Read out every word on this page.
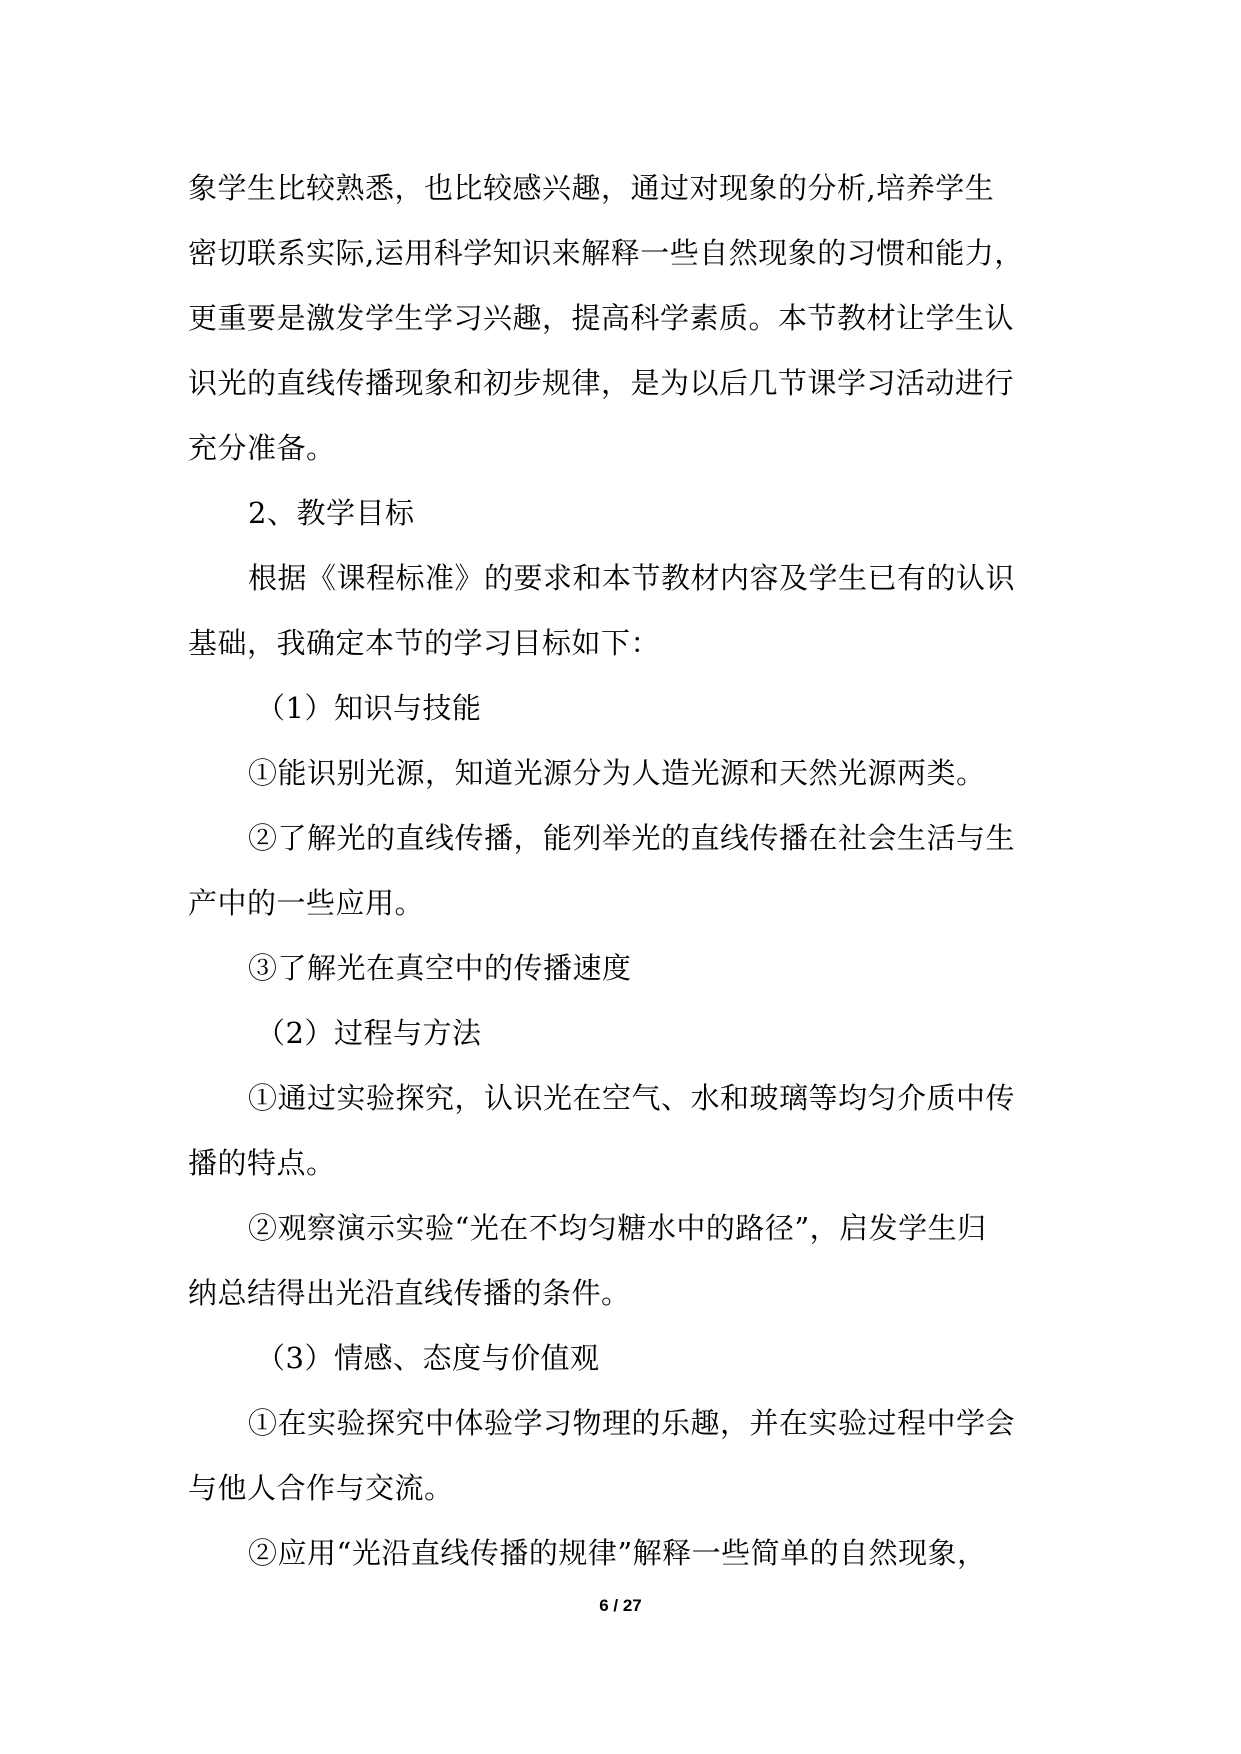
象学生比较熟悉，也比较感兴趣，通过对现象的分析,培养学生
密切联系实际,运用科学知识来解释一些自然现象的习惯和能力，
更重要是激发学生学习兴趣，提高科学素质。本节教材让学生认
识光的直线传播现象和初步规律，是为以后几节课学习活动进行
充分准备。
2、教学目标
根据《课程标准》的要求和本节教材内容及学生已有的认识
基础，我确定本节的学习目标如下：
（1）知识与技能
①能识别光源，知道光源分为人造光源和天然光源两类。
②了解光的直线传播，能列举光的直线传播在社会生活与生
产中的一些应用。
③了解光在真空中的传播速度
（2）过程与方法
①通过实验探究，认识光在空气、水和玻璃等均匀介质中传
播的特点。
②观察演示实验“光在不均匀糖水中的路径”，启发学生归
纳总结得出光沿直线传播的条件。
（3）情感、态度与价值观
①在实验探究中体验学习物理的乐趣，并在实验过程中学会
与他人合作与交流。
②应用“光沿直线传播的规律”解释一些简单的自然现象，
6 / 27
